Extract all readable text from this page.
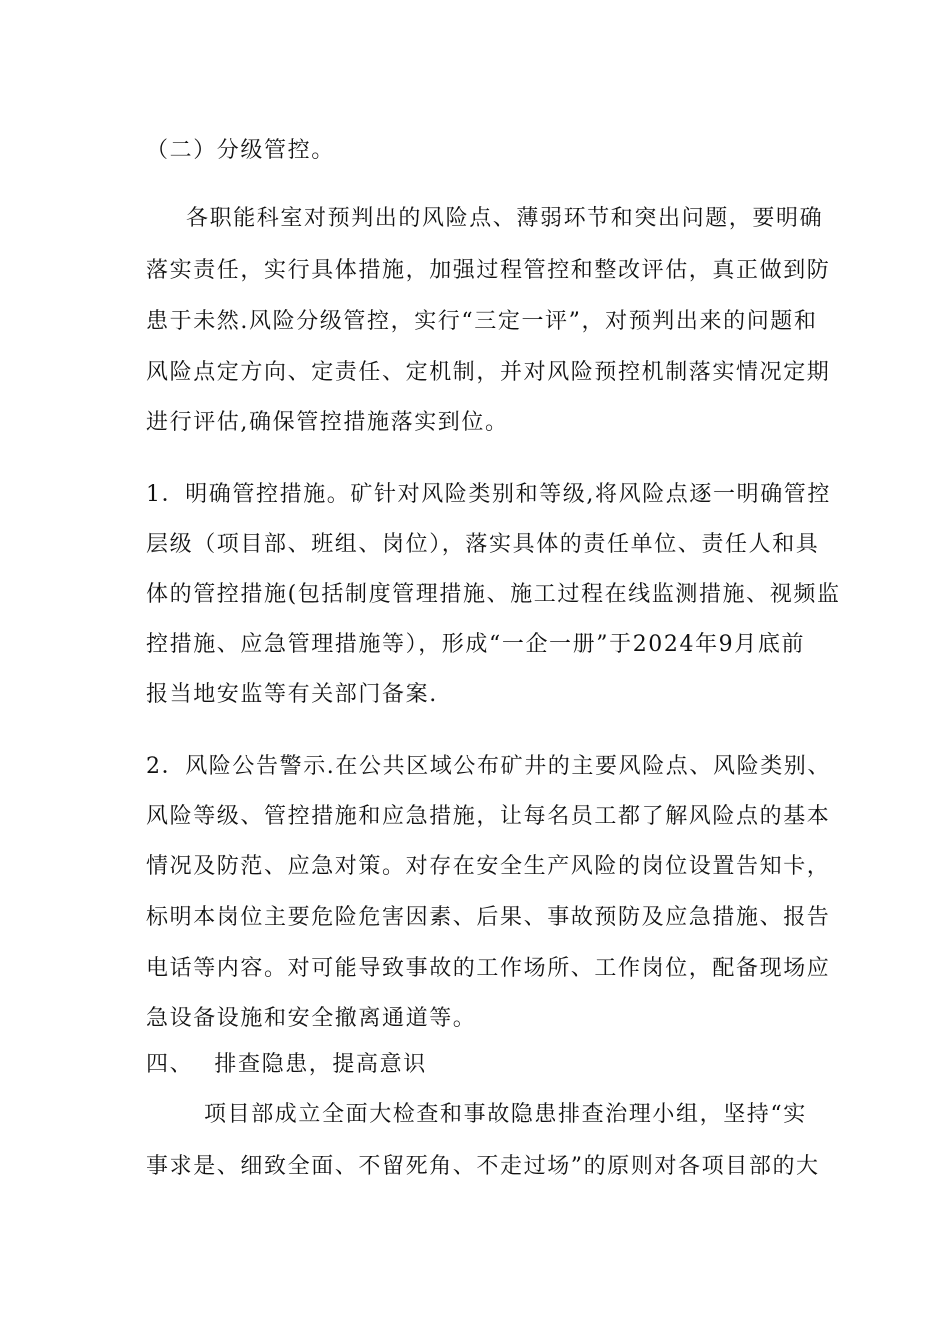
（二）分级管控。
各职能科室对预判出的风险点、薄弱环节和突出问题，要明确
落实责任，实行具体措施，加强过程管控和整改评估，真正做到防
患于未然.风险分级管控，实行“三定一评”，对预判出来的问题和
风险点定方向、定责任、定机制，并对风险预控机制落实情况定期
进行评估,确保管控措施落实到位。
1．明确管控措施。矿针对风险类别和等级,将风险点逐一明确管控
层级（项目部、班组、岗位），落实具体的责任单位、责任人和具
体的管控措施(包括制度管理措施、施工过程在线监测措施、视频监
控措施、应急管理措施等），形成“一企一册”于2024年9月底前
报当地安监等有关部门备案.
2．风险公告警示.在公共区域公布矿井的主要风险点、风险类别、
风险等级、管控措施和应急措施，让每名员工都了解风险点的基本
情况及防范、应急对策。对存在安全生产风险的岗位设置告知卡，
标明本岗位主要危险危害因素、后果、事故预防及应急措施、报告
电话等内容。对可能导致事故的工作场所、工作岗位，配备现场应
急设备设施和安全撤离通道等。
四、　 排查隐患，提高意识
项目部成立全面大检查和事故隐患排查治理小组，坚持“实
事求是、细致全面、不留死角、不走过场”的原则对各项目部的大
